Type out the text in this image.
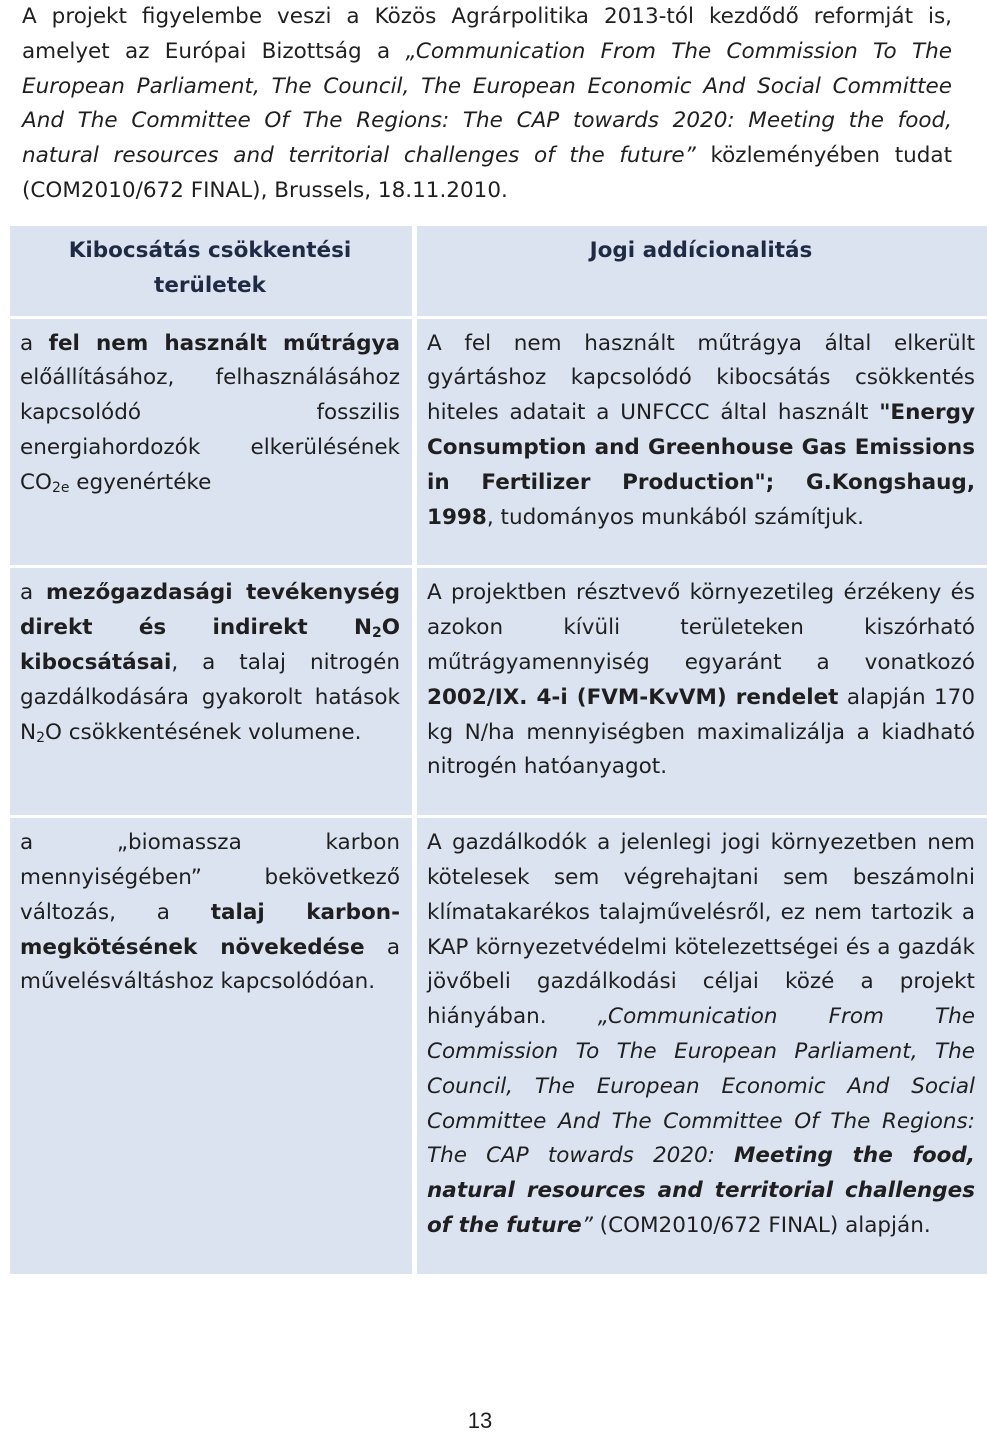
A projekt figyelembe veszi a Közös Agrárpolitika 2013-tól kezdődő reformját is, amelyet az Európai Bizottság a „Communication From The Commission To The European Parliament, The Council, The European Economic And Social Committee And The Committee Of The Regions: The CAP towards 2020: Meeting the food, natural resources and territorial challenges of the future” közleményében tudat (COM2010/672 FINAL), Brussels, 18.11.2010.
Kibocsátás csökkentési területek	Jogi addícionalitás
a fel nem használt műtrágya előállításához, felhasználásához kapcsolódó fosszilis energiahordozók elkerülésének $CO_{2e}$ egyenértéke	A fel nem használt műtrágya által elkerült gyártáshoz kapcsolódó kibocsátás csökkentés hiteles adatait a UNFCCC által használt "Energy Consumption and Greenhouse Gas Emissions in Fertilizer Production"; G.Kongshaug, 1998, tudományos munkából számítjuk.
a mezőgazdasági tevékenység direkt és indirekt $N_2O$ kibocsátásai, a talaj nitrogén gazdálkodására gyakorolt hatások $N_2O$ csökkentésének volumene.	A projektben résztvevő környezetileg érzékeny és azokon kívüli területeken kiszórható műtrágyamennyiség egyaránt a vonatkozó 2002/IX. 4-i (FVM-KvVM) rendelet alapján 170 kg N/ha mennyiségben maximalizálja a kiadható nitrogén hatóanyagot.
a „biomassza karbon mennyiségében” bekövetkező változás, a talaj karbon-megkötésének növekedése a művelésváltáshoz kapcsolódóan.	A gazdálkodók a jelenlegi jogi környezetben nem kötelesek sem végrehajtani sem beszámolni klímatakarékos talajművelésről, ez nem tartozik a KAP környezetvédelmi kötelezettségei és a gazdák jövőbeli gazdálkodási céljai közé a projekt hiányában. „Communication From The Commission To The European Parliament, The Council, The European Economic And Social Committee And The Committee Of The Regions: The CAP towards 2020: Meeting the food, natural resources and territorial challenges of the future” (COM2010/672 FINAL) alapján.
13
